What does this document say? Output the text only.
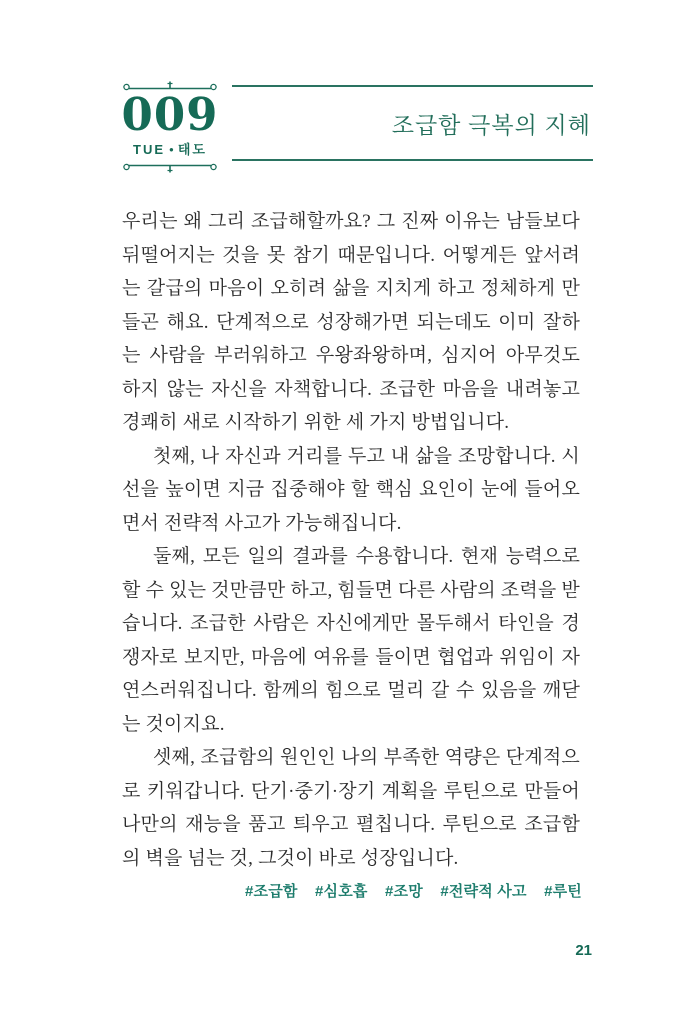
009
TUE ● 태도
조급함 극복의 지혜

우리는 왜 그리 조급해할까요? 그 진짜 이유는 남들보다 뒤떨어지는 것을 못 참기 때문입니다. 어떻게든 앞서려는 갈급의 마음이 오히려 삶을 지치게 하고 정체하게 만들곤 해요. 단계적으로 성장해가면 되는데도 이미 잘하는 사람을 부러워하고 우왕좌왕하며, 심지어 아무것도 하지 않는 자신을 자책합니다. 조급한 마음을 내려놓고 경쾌히 새로 시작하기 위한 세 가지 방법입니다.

첫째, 나 자신과 거리를 두고 내 삶을 조망합니다. 시선을 높이면 지금 집중해야 할 핵심 요인이 눈에 들어오면서 전략적 사고가 가능해집니다.

둘째, 모든 일의 결과를 수용합니다. 현재 능력으로 할 수 있는 것만큼만 하고, 힘들면 다른 사람의 조력을 받습니다. 조급한 사람은 자신에게만 몰두해서 타인을 경쟁자로 보지만, 마음에 여유를 들이면 협업과 위임이 자연스러워집니다. 함께의 힘으로 멀리 갈 수 있음을 깨닫는 것이지요.

셋째, 조급함의 원인인 나의 부족한 역량은 단계적으로 키워갑니다. 단기·중기·장기 계획을 루틴으로 만들어 나만의 재능을 품고 틔우고 펼칩니다. 루틴으로 조급함의 벽을 넘는 것, 그것이 바로 성장입니다.

#조급함 #심호흡 #조망 #전략적 사고 #루틴
21
